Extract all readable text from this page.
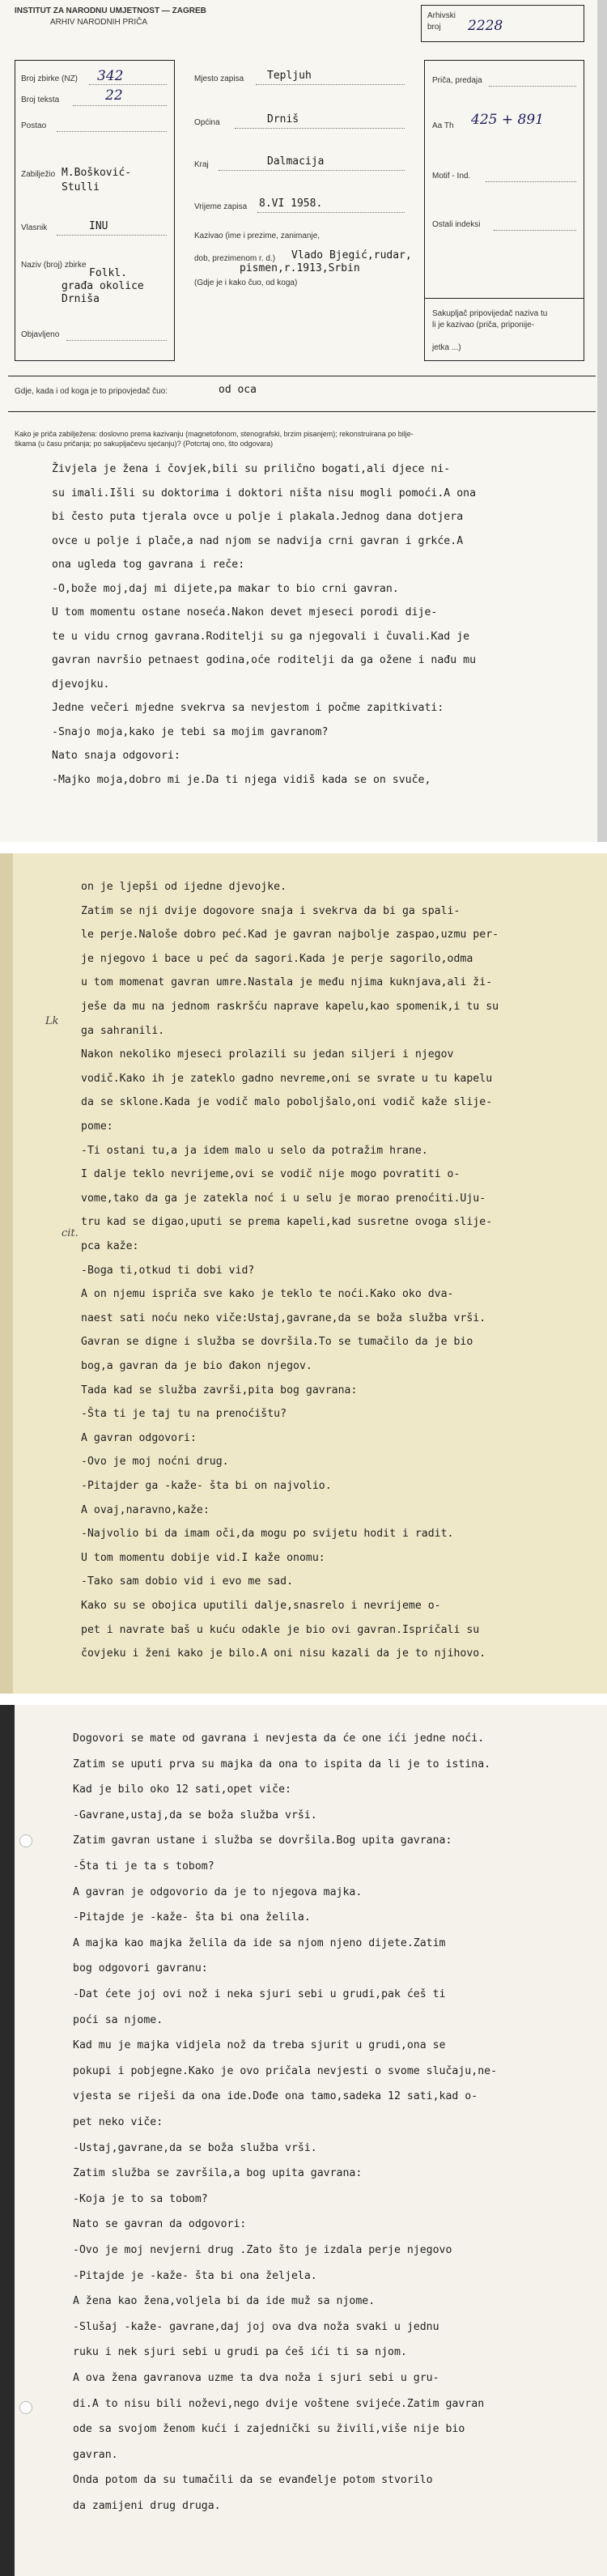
INSTITUT ZA NARODNU UMJETNOST — ZAGREB
ARHIV NARODNIH PRIČA
Arhivski
broj 2228
Broj zbirke (NZ) 342
Broj teksta	22
Postao
Zabilježio M.Bošković-
Stulli
Vlasnik	INU
Naziv (broj) zbirke
Folkl.
građa okolice
Drniša
Objavljeno
Mjesto zapisa Tepljuh
Općina	Drniš
Kraj	Dalmacija
Vrijeme zapisa 8.VI 1958.
Kazivao (ime i prezime, zanimanje,
dob, prezimenom r. d.) Vlado Bjegić,rudar,
pismen,r.1913,Srbin
(Gdje je i kako čuo, od koga)
Priča, predaja
Aa Th 425 + 891
Motif - Ind.
Ostali indeksi
Sakupljač pripovijedač naziva tu
li je kazivao (priča, priponije-
jetka ...)
Gdje, kada i od koga je to pripovjedač čuo:	od oca
Kako je priča zabilježena: doslovno prema kazivanju (magnetofonom, stenografski, brzim pisanjem); rekonstruirana po bilje-
škama (u času pričanja; po sakupljačevu sjećanju)? (Potcrtaj ono, što odgovara)
Živjela je žena i čovjek,bili su prilično bogati,ali djece ni-
su imali.Išli su doktorima i doktori ništa nisu mogli pomoći.A ona
bi često puta tjerala ovce u polje i plakala.Jednog dana dotjera
ovce u polje i plače,a nad njom se nadvija crni gavran i grkće.A
ona ugleda tog gavrana i reče:
-O,bože moj,daj mi dijete,pa makar to bio crni gavran.
U tom momentu ostane noseća.Nakon devet mjeseci porodi dije-
te u vidu crnog gavrana.Roditelji su ga njegovali i čuvali.Kad je
gavran navršio petnaest godina,oće roditelji da ga ožene i nađu mu
djevojku.
Jedne večeri mjedne svekrva sa nevjestom i počme zapitkivati:
-Snajo moja,kako je tebi sa mojim gavranom?
Nato snaja odgovori:
-Majko moja,dobro mi je.Da ti njega vidiš kada se on svuče,
Lk
cit.
on je ljepši od ijedne djevojke.
Zatim se nji dvije dogovore snaja i svekrva da bi ga spali-
le perje.Naloše dobro peć.Kad je gavran najbolje zaspao,uzmu per-
je njegovo i bace u peć da sagori.Kada je perje sagorilo,odma
u tom momenat gavran umre.Nastala je među njima kuknjava,ali ži-
ješe da mu na jednom raskršću naprave kapelu,kao spomenik,i tu su
ga sahranili.
Nakon nekoliko mjeseci prolazili su jedan siljeri i njegov
vodič.Kako ih je zateklo gadno nevreme,oni se svrate u tu kapelu
da se sklone.Kada je vodič malo poboljšalo,oni vodič kaže slije-
pome:
-Ti ostani tu,a ja idem malo u selo da potražim hrane.
I dalje teklo nevrijeme,ovi se vodič nije mogo povratiti o-
vome,tako da ga je zatekla noć i u selu je morao prenoćiti.Uju-
tru kad se digao,uputi se prema kapeli,kad susretne ovoga slije-
pca kaže:
-Boga ti,otkud ti dobi vid?
A on njemu ispriča sve kako je teklo te noći.Kako oko dva-
naest sati noću neko viče:Ustaj,gavrane,da se boža služba vrši.
Gavran se digne i služba se dovršila.To se tumačilo da je bio
bog,a gavran da je bio đakon njegov.
Tada kad se služba završi,pita bog gavrana:
-Šta ti je taj tu na prenoćištu?
A gavran odgovori:
-Ovo je moj noćni drug.
-Pitajder ga -kaže- šta bi on najvolio.
A ovaj,naravno,kaže:
-Najvolio bi da imam oči,da mogu po svijetu hodit i radit.
U tom momentu dobije vid.I kaže onomu:
-Tako sam dobio vid i evo me sad.
Kako su se obojica uputili dalje,snasrelo i nevrijeme o-
pet i navrate baš u kuću odakle je bio ovi gavran.Ispričali su
čovjeku i ženi kako je bilo.A oni nisu kazali da je to njihovo.
Dogovori se mate od gavrana i nevjesta da će one ići jedne noći.
Zatim se uputi prva su majka da ona to ispita da li je to istina.
Kad je bilo oko 12 sati,opet viče:
-Gavrane,ustaj,da se boža služba vrši.
Zatim gavran ustane i služba se dovršila.Bog upita gavrana:
-Šta ti je ta s tobom?
A gavran je odgovorio da je to njegova majka.
-Pitajde je -kaže- šta bi ona želila.
A majka kao majka želila da ide sa njom njeno dijete.Zatim
bog odgovori gavranu:
-Dat ćete joj ovi nož i neka sjuri sebi u grudi,pak ćeš ti
poći sa njome.
Kad mu je majka vidjela nož da treba sjurit u grudi,ona se
pokupi i pobjegne.Kako je ovo pričala nevjesti o svome slučaju,ne-
vjesta se riješi da ona ide.Dođe ona tamo,sadeka 12 sati,kad o-
pet neko viče:
-Ustaj,gavrane,da se boža služba vrši.
Zatim služba se završila,a bog upita gavrana:
-Koja je to sa tobom?
Nato se gavran da odgovori:
-Ovo je moj nevjerni drug .Zato što je izdala perje njegovo
-Pitajde je -kaže- šta bi ona željela.
A žena kao žena,voljela bi da ide muž sa njome.
-Slušaj -kaže- gavrane,daj joj ova dva noža svaki u jednu
ruku i nek sjuri sebi u grudi pa ćeš ići ti sa njom.
A ova žena gavranova uzme ta dva noža i sjuri sebi u gru-
di.A to nisu bili noževi,nego dvije voštene svijeće.Zatim gavran
ode sa svojom ženom kući i zajednički su živili,više nije bio
gavran.
Onda potom da su tumačili da se evanđelje potom stvorilo
da zamijeni drug druga.
